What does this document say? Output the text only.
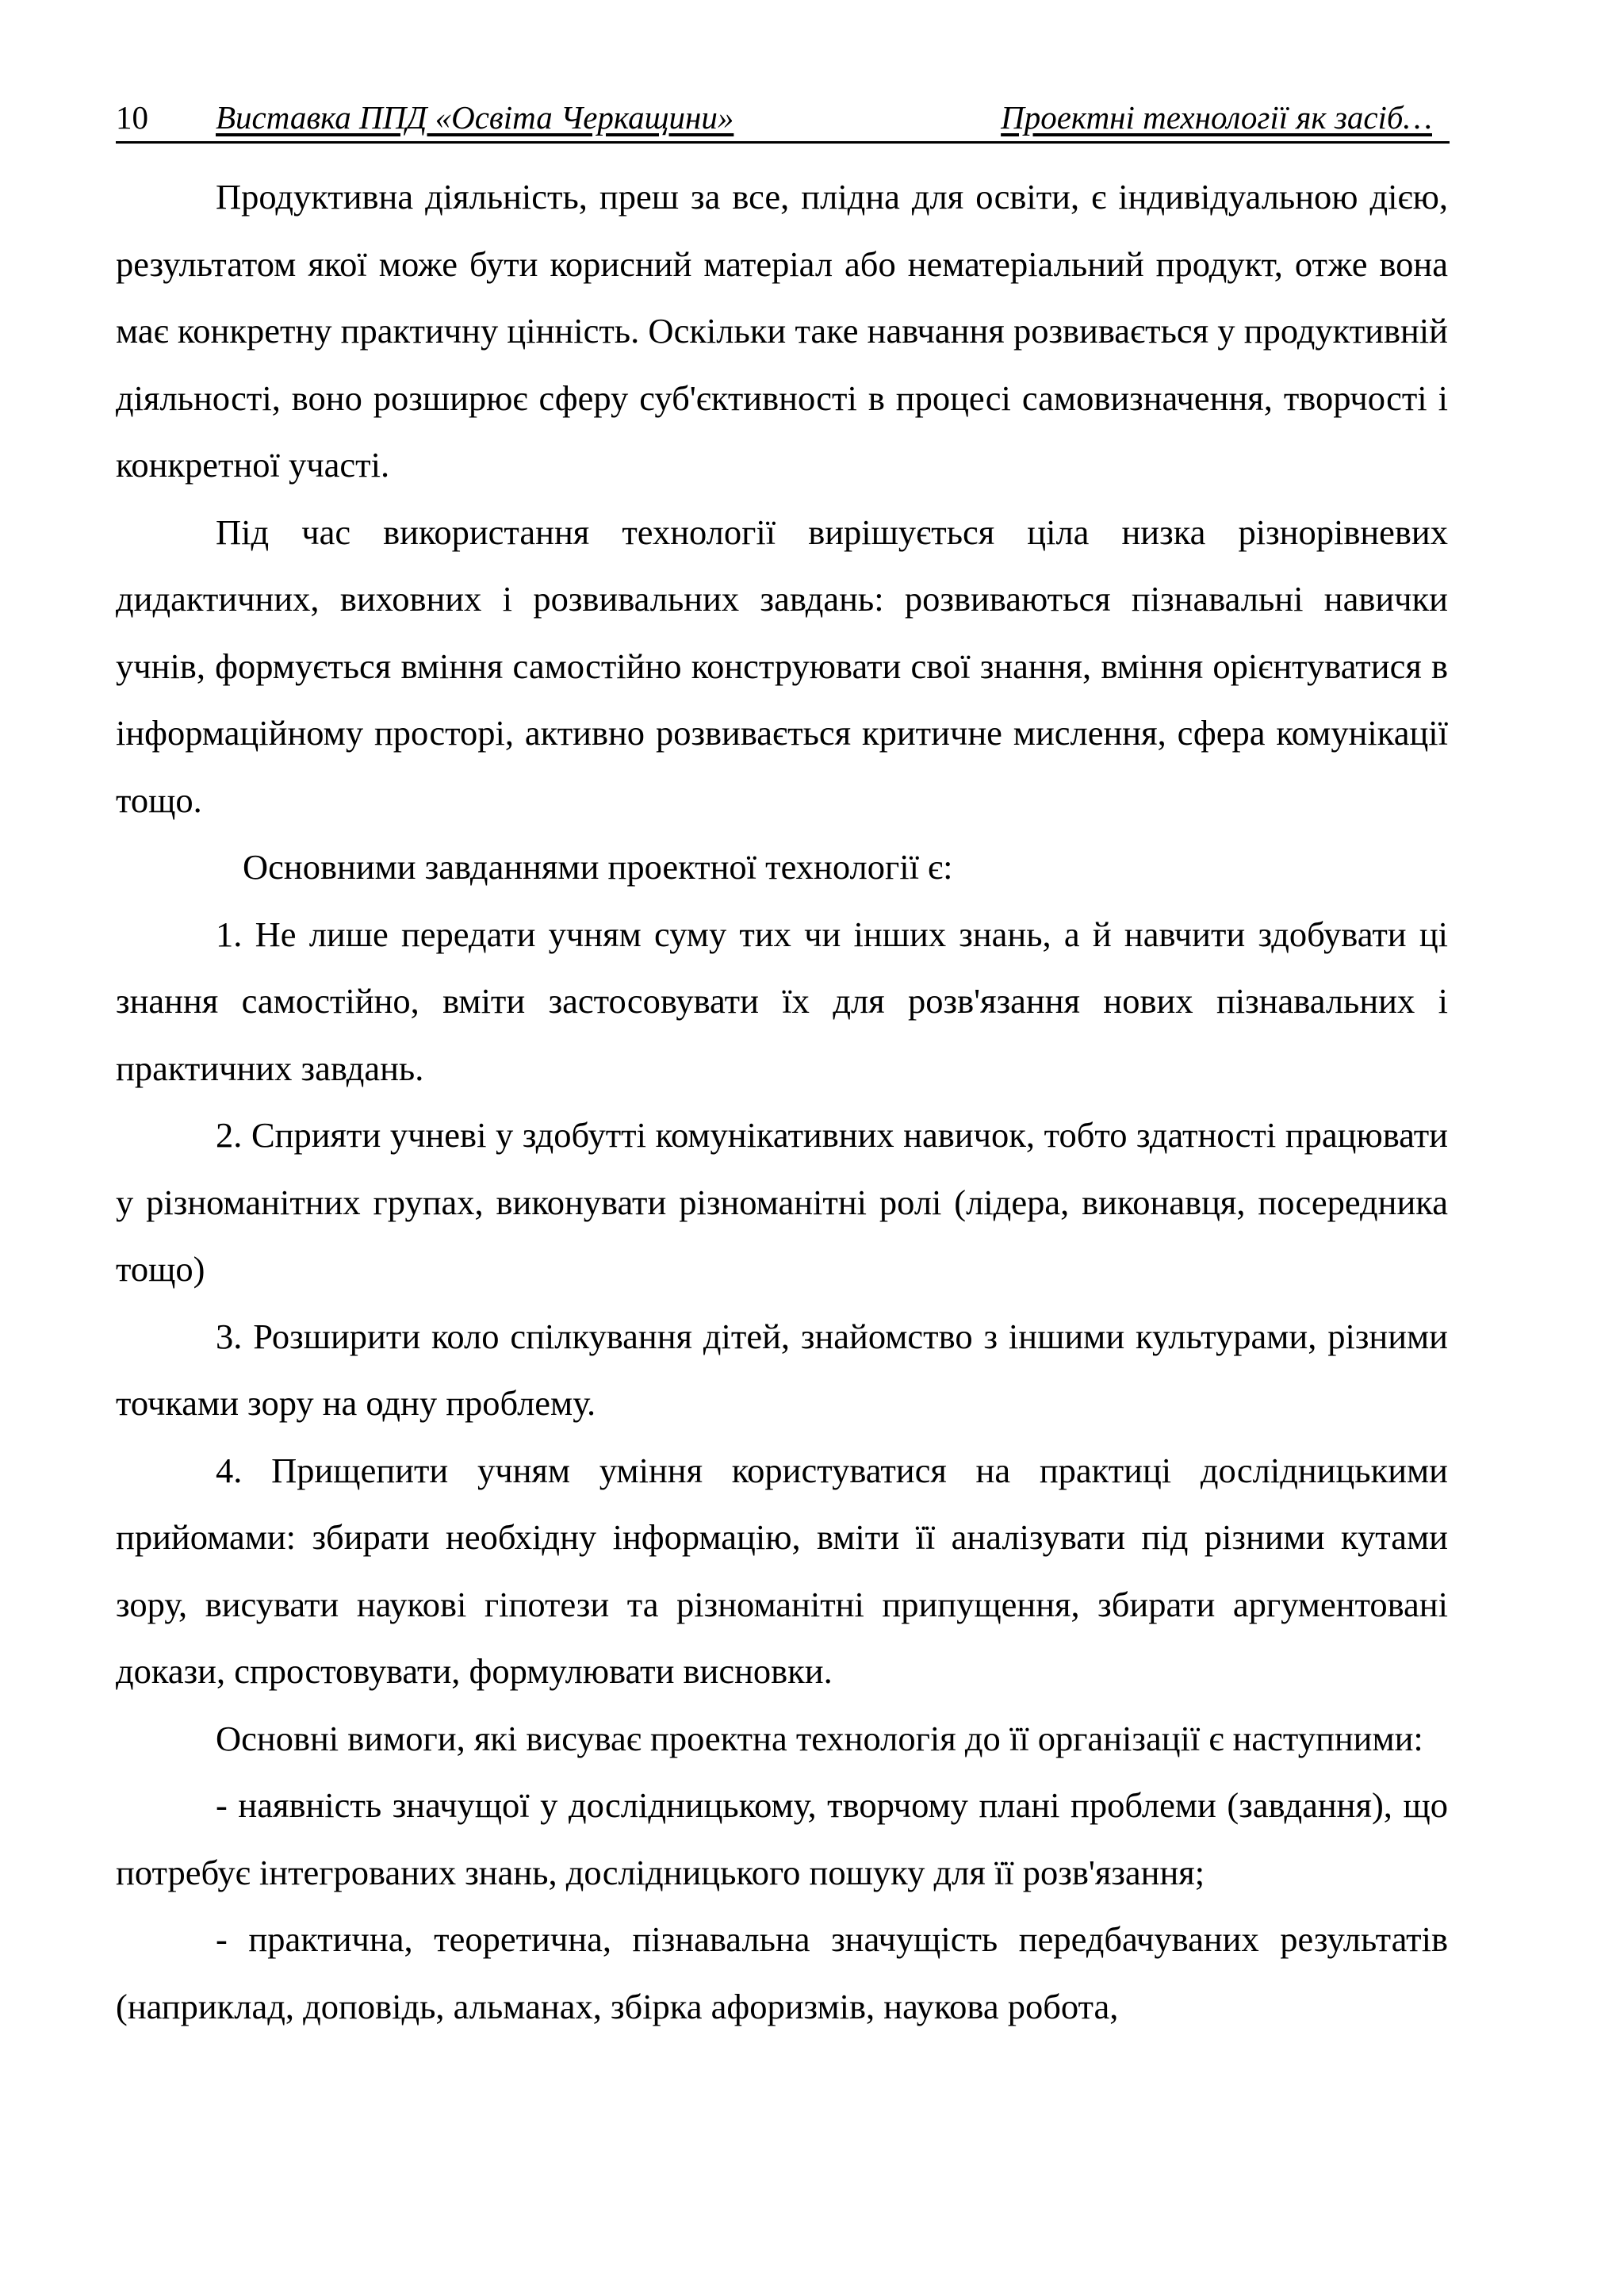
10 Виставка ППД «Освіта Черкащини»	Проектні технології як засіб…

Продуктивна діяльність, преш за все, плідна для освіти, є індивідуальною дією, результатом якої може бути корисний матеріал або нематеріальний продукт, отже вона має конкретну практичну цінність. Оскільки таке навчання розвивається у продуктивній діяльності, воно розширює сферу суб'єктивності в процесі самовизначення, творчості і конкретної участі.

Під час використання технології вирішується ціла низка різнорівневих дидактичних, виховних і розвивальних завдань: розвиваються пізнавальні навички учнів, формується вміння самостійно конструювати свої знання, вміння орієнтуватися в інформаційному просторі, активно розвивається критичне мислення, сфера комунікації тощо.

Основними завданнями проектної технології є:

1. Не лише передати учням суму тих чи інших знань, а й навчити здобувати ці знання самостійно, вміти застосовувати їх для розв'язання нових пізнавальних і практичних завдань.

2. Сприяти учневі у здобутті комунікативних навичок, тобто здатності працювати у різноманітних групах, виконувати різноманітні ролі (лідера, виконавця, посередника тощо)

3. Розширити коло спілкування дітей, знайомство з іншими культурами, різними точками зору на одну проблему.

4. Прищепити учням уміння користуватися на практиці дослідницькими прийомами: збирати необхідну інформацію, вміти її аналізувати під різними кутами зору, висувати наукові гіпотези та різноманітні припущення, збирати аргументовані докази, спростовувати, формулювати висновки.

Основні вимоги, які висуває проектна технологія до її організації є наступними:

- наявність значущої у дослідницькому, творчому плані проблеми (завдання), що потребує інтегрованих знань, дослідницького пошуку для її розв'язання;

- практична, теоретична, пізнавальна значущість передбачуваних результатів (наприклад, доповідь, альманах, збірка афоризмів, наукова робота,
